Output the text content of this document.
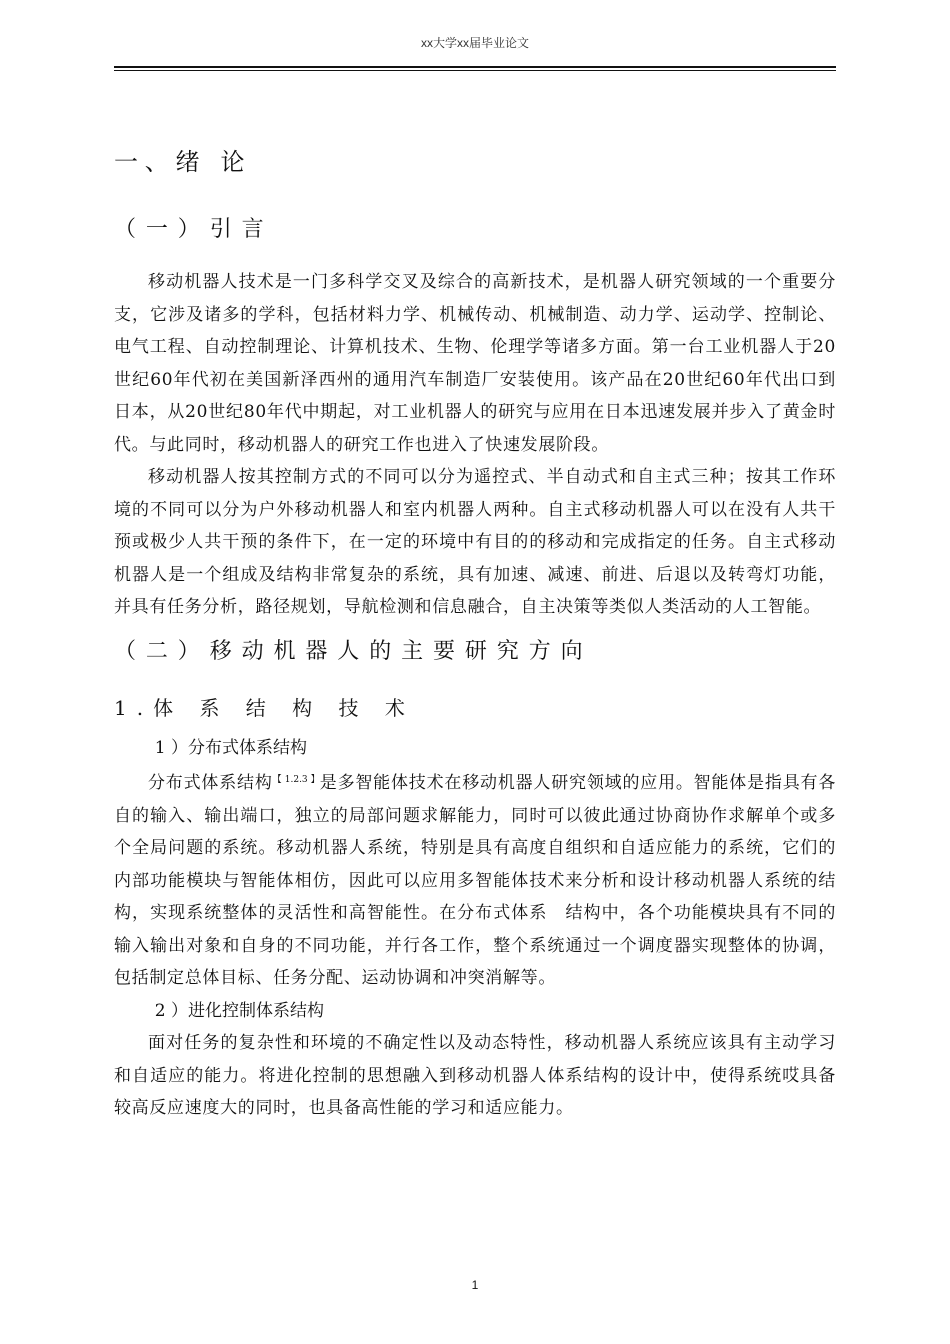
xx大学xx届毕业论文
一、绪 论
（一）引言

移动机器人技术是一门多科学交叉及综合的高新技术，是机器人研究领域的一个重要分支，它涉及诸多的学科，包括材料力学、机械传动、机械制造、动力学、运动学、控制论、电气工程、自动控制理论、计算机技术、生物、伦理学等诸多方面。第一台工业机器人于20世纪60年代初在美国新泽西州的通用汽车制造厂安装使用。该产品在20世纪60年代出口到日本，从20世纪80年代中期起，对工业机器人的研究与应用在日本迅速发展并步入了黄金时代。与此同时，移动机器人的研究工作也进入了快速发展阶段。

移动机器人按其控制方式的不同可以分为遥控式、半自动式和自主式三种；按其工作环境的不同可以分为户外移动机器人和室内机器人两种。自主式移动机器人可以在没有人共干预或极少人共干预的条件下，在一定的环境中有目的的移动和完成指定的任务。自主式移动机器人是一个组成及结构非常复杂的系统，具有加速、减速、前进、后退以及转弯灯功能，并具有任务分析，路径规划，导航检测和信息融合，自主决策等类似人类活动的人工智能。

（二）移动机器人的主要研究方向
1.体 系 结 构 技 术

1 ）分布式体系结构

分布式体系结构$^{【 1.2.3 】}$是多智能体技术在移动机器人研究领域的应用。智能体是指具有各自的输入、输出端口，独立的局部问题求解能力，同时可以彼此通过协商协作求解单个或多个全局问题的系统。移动机器人系统，特别是具有高度自组织和自适应能力的系统，它们的内部功能模块与智能体相仿，因此可以应用多智能体技术来分析和设计移动机器人系统的结构，实现系统整体的灵活性和高智能性。在分布式体系　结构中，各个功能模块具有不同的输入输出对象和自身的不同功能，并行各工作，整个系统通过一个调度器实现整体的协调，包括制定总体目标、任务分配、运动协调和冲突消解等。

2 ）进化控制体系结构

面对任务的复杂性和环境的不确定性以及动态特性，移动机器人系统应该具有主动学习和自适应的能力。将进化控制的思想融入到移动机器人体系结构的设计中，使得系统哎具备较高反应速度大的同时，也具备高性能的学习和适应能力。

1
